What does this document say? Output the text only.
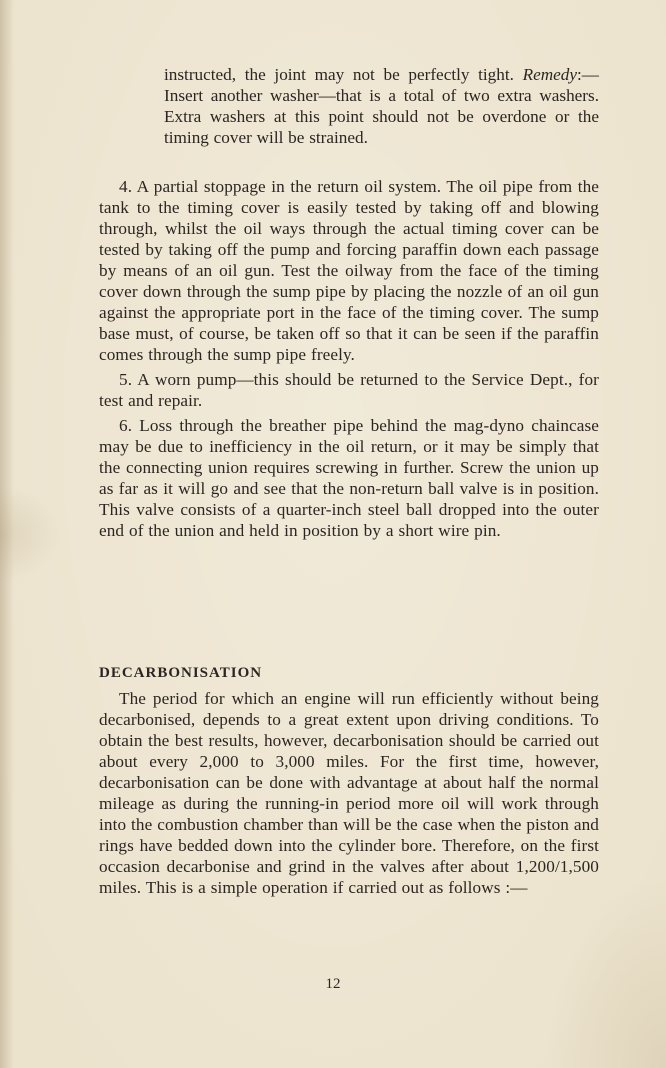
instructed, the joint may not be perfectly tight. Remedy:—Insert another washer—that is a total of two extra washers. Extra washers at this point should not be overdone or the timing cover will be strained.

4. A partial stoppage in the return oil system. The oil pipe from the tank to the timing cover is easily tested by taking off and blowing through, whilst the oil ways through the actual timing cover can be tested by taking off the pump and forcing paraffin down each passage by means of an oil gun. Test the oilway from the face of the timing cover down through the sump pipe by placing the nozzle of an oil gun against the appropriate port in the face of the timing cover. The sump base must, of course, be taken off so that it can be seen if the paraffin comes through the sump pipe freely.

5. A worn pump—this should be returned to the Service Dept., for test and repair.

6. Loss through the breather pipe behind the mag-dyno chaincase may be due to inefficiency in the oil return, or it may be simply that the connecting union requires screwing in further. Screw the union up as far as it will go and see that the non-return ball valve is in position. This valve consists of a quarter-inch steel ball dropped into the outer end of the union and held in position by a short wire pin.

DECARBONISATION

The period for which an engine will run efficiently without being decarbonised, depends to a great extent upon driving conditions. To obtain the best results, however, decarbonisation should be carried out about every 2,000 to 3,000 miles. For the first time, however, decarbonisation can be done with advantage at about half the normal mileage as during the running-in period more oil will work through into the combustion chamber than will be the case when the piston and rings have bedded down into the cylinder bore. Therefore, on the first occasion decarbonise and grind in the valves after about 1,200/1,500 miles. This is a simple operation if carried out as follows :—

12
